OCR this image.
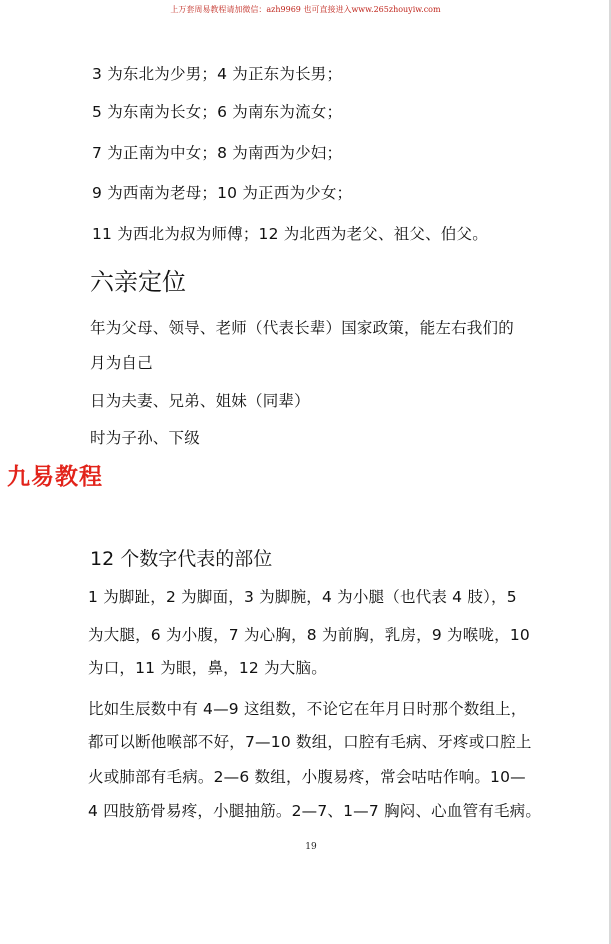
上万套周易教程请加微信：azh9969 也可直接进入www.265zhouyiw.com
3 为东北为少男；4 为正东为长男；
5 为东南为长女；6 为南东为流女；
7 为正南为中女；8 为南西为少妇；
9 为西南为老母；10 为正西为少女；
11 为西北为叔为师傅；12 为北西为老父、祖父、伯父。
六亲定位
年为父母、领导、老师（代表长辈）国家政策，能左右我们的
月为自己
日为夫妻、兄弟、姐妹（同辈）
时为子孙、下级
九易教程
12 个数字代表的部位
1 为脚趾，2 为脚面，3 为脚腕，4 为小腿（也代表 4 肢），5
为大腿，6 为小腹，7 为心胸，8 为前胸，乳房，9 为喉咙，10
为口，11 为眼，鼻，12 为大脑。
比如生辰数中有 4—9 这组数，不论它在年月日时那个数组上，
都可以断他喉部不好，7—10 数组，口腔有毛病、牙疼或口腔上
火或肺部有毛病。2—6 数组，小腹易疼，常会咕咕作响。10—
4 四肢筋骨易疼，小腿抽筋。2—7、1—7 胸闷、心血管有毛病。
19
